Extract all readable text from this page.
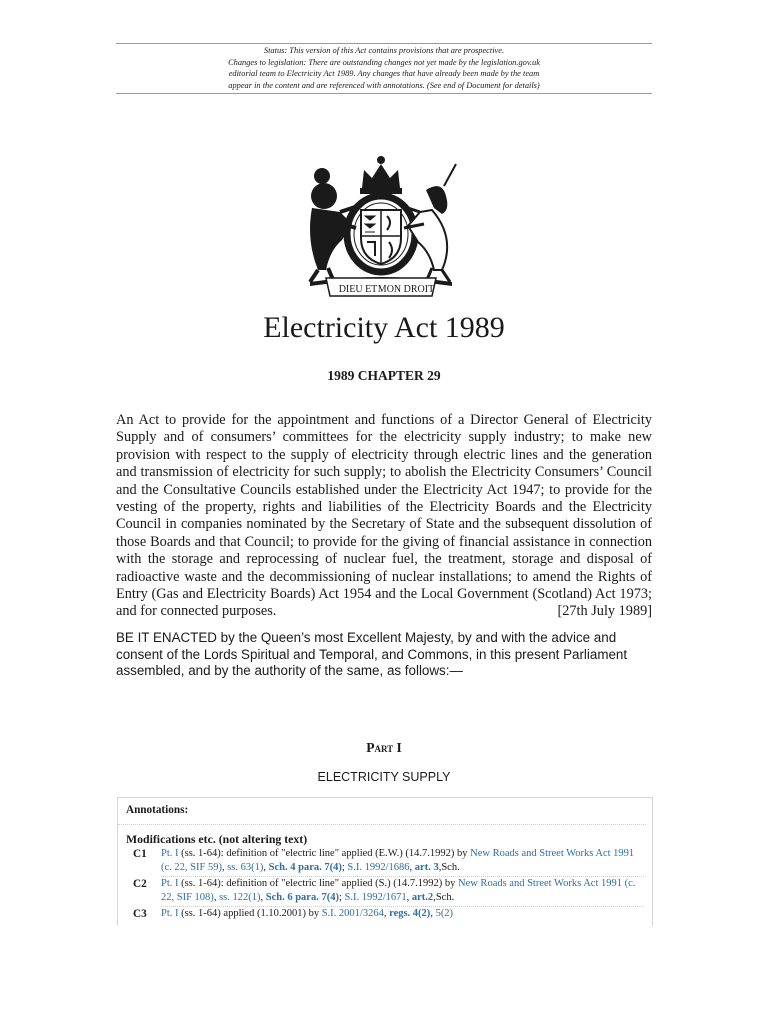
Status: This version of this Act contains provisions that are prospective.
Changes to legislation: There are outstanding changes not yet made by the legislation.gov.uk
editorial team to Electricity Act 1989. Any changes that have already been made by the team
appear in the content and are referenced with annotations. (See end of Document for details)
DIEU ET MON DROIT
Electricity Act 1989
1989 CHAPTER 29

An Act to provide for the appointment and functions of a Director General of Electricity Supply and of consumers’ committees for the electricity supply industry; to make new provision with respect to the supply of electricity through electric lines and the generation and transmission of electricity for such supply; to abolish the Electricity Consumers’ Council and the Consultative Councils established under the Electricity Act 1947; to provide for the vesting of the property, rights and liabilities of the Electricity Boards and the Electricity Council in companies nominated by the Secretary of State and the subsequent dissolution of those Boards and that Council; to provide for the giving of financial assistance in connection with the storage and reprocessing of nuclear fuel, the treatment, storage and disposal of radioactive waste and the decommissioning of nuclear installations; to amend the Rights of Entry (Gas and Electricity Boards) Act 1954 and the Local Government (Scotland) Act 1973; and for connected purposes.	[27th July 1989]

BE IT ENACTED by the Queen’s most Excellent Majesty, by and with the advice and consent of the Lords Spiritual and Temporal, and Commons, in this present Parliament assembled, and by the authority of the same, as follows:—

Part I
ELECTRICITY SUPPLY
Annotations:
Modifications etc. (not altering text)
C1 Pt. I (ss. 1-64): definition of "electric line" applied (E.W.) (14.7.1992) by New Roads and Street Works Act 1991 (c. 22, SIF 59), ss. 63(1), Sch. 4 para. 7(4); S.I. 1992/1686, art. 3,Sch.
C2 Pt. I (ss. 1-64): definition of "electric line" applied (S.) (14.7.1992) by New Roads and Street Works Act 1991 (c. 22, SIF 108), ss. 122(1), Sch. 6 para. 7(4); S.I. 1992/1671, art.2,Sch.
C3 Pt. I (ss. 1-64) applied (1.10.2001) by S.I. 2001/3264, regs. 4(2), 5(2)
